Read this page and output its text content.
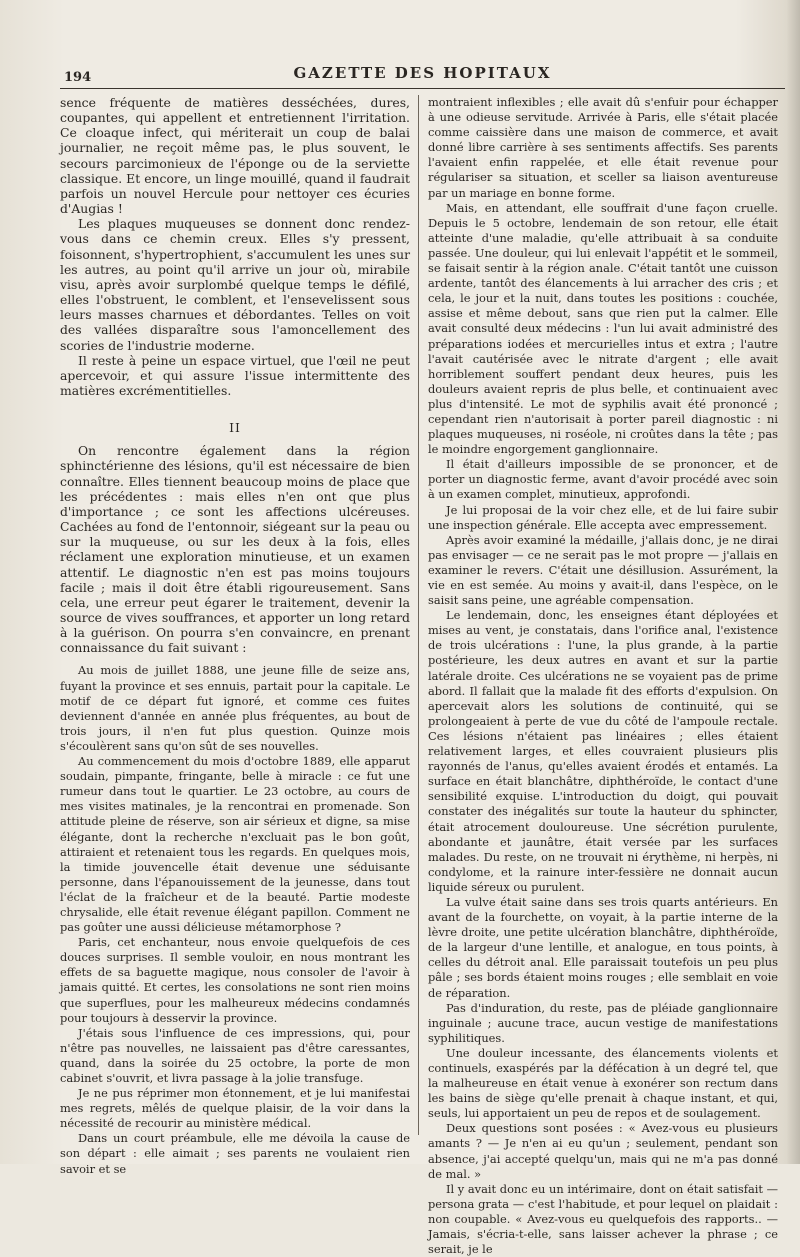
194	GAZETTE DES HOPITAUX

sence fréquente de matières desséchées, dures, coupantes, qui appellent et entretiennent l'irritation. Ce cloaque infect, qui mériterait un coup de balai journalier, ne reçoit même pas, le plus souvent, le secours parcimonieux de l'éponge ou de la serviette classique. Et encore, un linge mouillé, quand il faudrait parfois un nouvel Hercule pour nettoyer ces écuries d'Augias !

Les plaques muqueuses se donnent donc rendez-vous dans ce chemin creux. Elles s'y pressent, foisonnent, s'hypertrophient, s'accumulent les unes sur les autres, au point qu'il arrive un jour où, mirabile visu, après avoir surplombé quelque temps le défilé, elles l'obstruent, le comblent, et l'ensevelissent sous leurs masses charnues et débordantes. Telles on voit des vallées disparaître sous l'amoncellement des scories de l'industrie moderne.

Il reste à peine un espace virtuel, que l'œil ne peut apercevoir, et qui assure l'issue intermittente des matières excrémentitielles.

II

On rencontre également dans la région sphinctérienne des lésions, qu'il est nécessaire de bien connaître. Elles tiennent beaucoup moins de place que les précédentes : mais elles n'en ont que plus d'importance ; ce sont les affections ulcéreuses. Cachées au fond de l'entonnoir, siégeant sur la peau ou sur la muqueuse, ou sur les deux à la fois, elles réclament une exploration minutieuse, et un examen attentif. Le diagnostic n'en est pas moins toujours facile ; mais il doit être établi rigoureusement. Sans cela, une erreur peut égarer le traitement, devenir la source de vives souffrances, et apporter un long retard à la guérison. On pourra s'en convaincre, en prenant connaissance du fait suivant :

Au mois de juillet 1888, une jeune fille de seize ans, fuyant la province et ses ennuis, partait pour la capitale. Le motif de ce départ fut ignoré, et comme ces fuites deviennent d'année en année plus fréquentes, au bout de trois jours, il n'en fut plus question. Quinze mois s'écoulèrent sans qu'on sût de ses nouvelles.

Au commencement du mois d'octobre 1889, elle apparut soudain, pimpante, fringante, belle à miracle : ce fut une rumeur dans tout le quartier. Le 23 octobre, au cours de mes visites matinales, je la rencontrai en promenade. Son attitude pleine de réserve, son air sérieux et digne, sa mise élégante, dont la recherche n'excluait pas le bon goût, attiraient et retenaient tous les regards. En quelques mois, la timide jouvencelle était devenue une séduisante personne, dans l'épanouissement de la jeunesse, dans tout l'éclat de la fraîcheur et de la beauté. Partie modeste chrysalide, elle était revenue élégant papillon. Comment ne pas goûter une aussi délicieuse métamorphose ?

Paris, cet enchanteur, nous envoie quelquefois de ces douces surprises. Il semble vouloir, en nous montrant les effets de sa baguette magique, nous consoler de l'avoir à jamais quitté. Et certes, les consolations ne sont rien moins que superflues, pour les malheureux médecins condamnés pour toujours à desservir la province.

J'étais sous l'influence de ces impressions, qui, pour n'être pas nouvelles, ne laissaient pas d'être caressantes, quand, dans la soirée du 25 octobre, la porte de mon cabinet s'ouvrit, et livra passage à la jolie transfuge.

Je ne pus réprimer mon étonnement, et je lui manifestai mes regrets, mêlés de quelque plaisir, de la voir dans la nécessité de recourir au ministère médical.

Dans un court préambule, elle me dévoila la cause de son départ : elle aimait ; ses parents ne voulaient rien savoir et se

montraient inflexibles ; elle avait dû s'enfuir pour échapper à une odieuse servitude. Arrivée à Paris, elle s'était placée comme caissière dans une maison de commerce, et avait donné libre carrière à ses sentiments affectifs. Ses parents l'avaient enfin rappelée, et elle était revenue pour régulariser sa situation, et sceller sa liaison aventureuse par un mariage en bonne forme.

Mais, en attendant, elle souffrait d'une façon cruelle. Depuis le 5 octobre, lendemain de son retour, elle était atteinte d'une maladie, qu'elle attribuait à sa conduite passée. Une douleur, qui lui enlevait l'appétit et le sommeil, se faisait sentir à la région anale. C'était tantôt une cuisson ardente, tantôt des élancements à lui arracher des cris ; et cela, le jour et la nuit, dans toutes les positions : couchée, assise et même debout, sans que rien put la calmer. Elle avait consulté deux médecins : l'un lui avait administré des préparations iodées et mercurielles intus et extra ; l'autre l'avait cautérisée avec le nitrate d'argent ; elle avait horriblement souffert pendant deux heures, puis les douleurs avaient repris de plus belle, et continuaient avec plus d'intensité. Le mot de syphilis avait été prononcé ; cependant rien n'autorisait à porter pareil diagnostic : ni plaques muqueuses, ni roséole, ni croûtes dans la tête ; pas le moindre engorgement ganglionnaire.

Il était d'ailleurs impossible de se prononcer, et de porter un diagnostic ferme, avant d'avoir procédé avec soin à un examen complet, minutieux, approfondi.

Je lui proposai de la voir chez elle, et de lui faire subir une inspection générale. Elle accepta avec empressement.

Après avoir examiné la médaille, j'allais donc, je ne dirai pas envisager — ce ne serait pas le mot propre — j'allais en examiner le revers. C'était une désillusion. Assurément, la vie en est semée. Au moins y avait-il, dans l'espèce, on le saisit sans peine, une agréable compensation.

Le lendemain, donc, les enseignes étant déployées et mises au vent, je constatais, dans l'orifice anal, l'existence de trois ulcérations : l'une, la plus grande, à la partie postérieure, les deux autres en avant et sur la partie latérale droite. Ces ulcérations ne se voyaient pas de prime abord. Il fallait que la malade fit des efforts d'expulsion. On apercevait alors les solutions de continuité, qui se prolongeaient à perte de vue du côté de l'ampoule rectale. Ces lésions n'étaient pas linéaires ; elles étaient relativement larges, et elles couvraient plusieurs plis rayonnés de l'anus, qu'elles avaient érodés et entamés. La surface en était blanchâtre, diphthéroïde, le contact d'une sensibilité exquise. L'introduction du doigt, qui pouvait constater des inégalités sur toute la hauteur du sphincter, était atrocement douloureuse. Une sécrétion purulente, abondante et jaunâtre, était versée par les surfaces malades. Du reste, on ne trouvait ni érythème, ni herpès, ni condylome, et la rainure inter-fessière ne donnait aucun liquide séreux ou purulent.

La vulve était saine dans ses trois quarts antérieurs. En avant de la fourchette, on voyait, à la partie interne de la lèvre droite, une petite ulcération blanchâtre, diphthéroïde, de la largeur d'une lentille, et analogue, en tous points, à celles du détroit anal. Elle paraissait toutefois un peu plus pâle ; ses bords étaient moins rouges ; elle semblait en voie de réparation.

Pas d'induration, du reste, pas de pléiade ganglionnaire inguinale ; aucune trace, aucun vestige de manifestations syphilitiques.

Une douleur incessante, des élancements violents et continuels, exaspérés par la défécation à un degré tel, que la malheureuse en était venue à exonérer son rectum dans les bains de siège qu'elle prenait à chaque instant, et qui, seuls, lui apportaient un peu de repos et de soulagement.

Deux questions sont posées : « Avez-vous eu plusieurs amants ? — Je n'en ai eu qu'un ; seulement, pendant son absence, j'ai accepté quelqu'un, mais qui ne m'a pas donné de mal. »

Il y avait donc eu un intérimaire, dont on était satisfait — persona grata — c'est l'habitude, et pour lequel on plaidait : non coupable. « Avez-vous eu quelquefois des rapports.. — Jamais, s'écria-t-elle, sans laisser achever la phrase ; ce serait, je le
